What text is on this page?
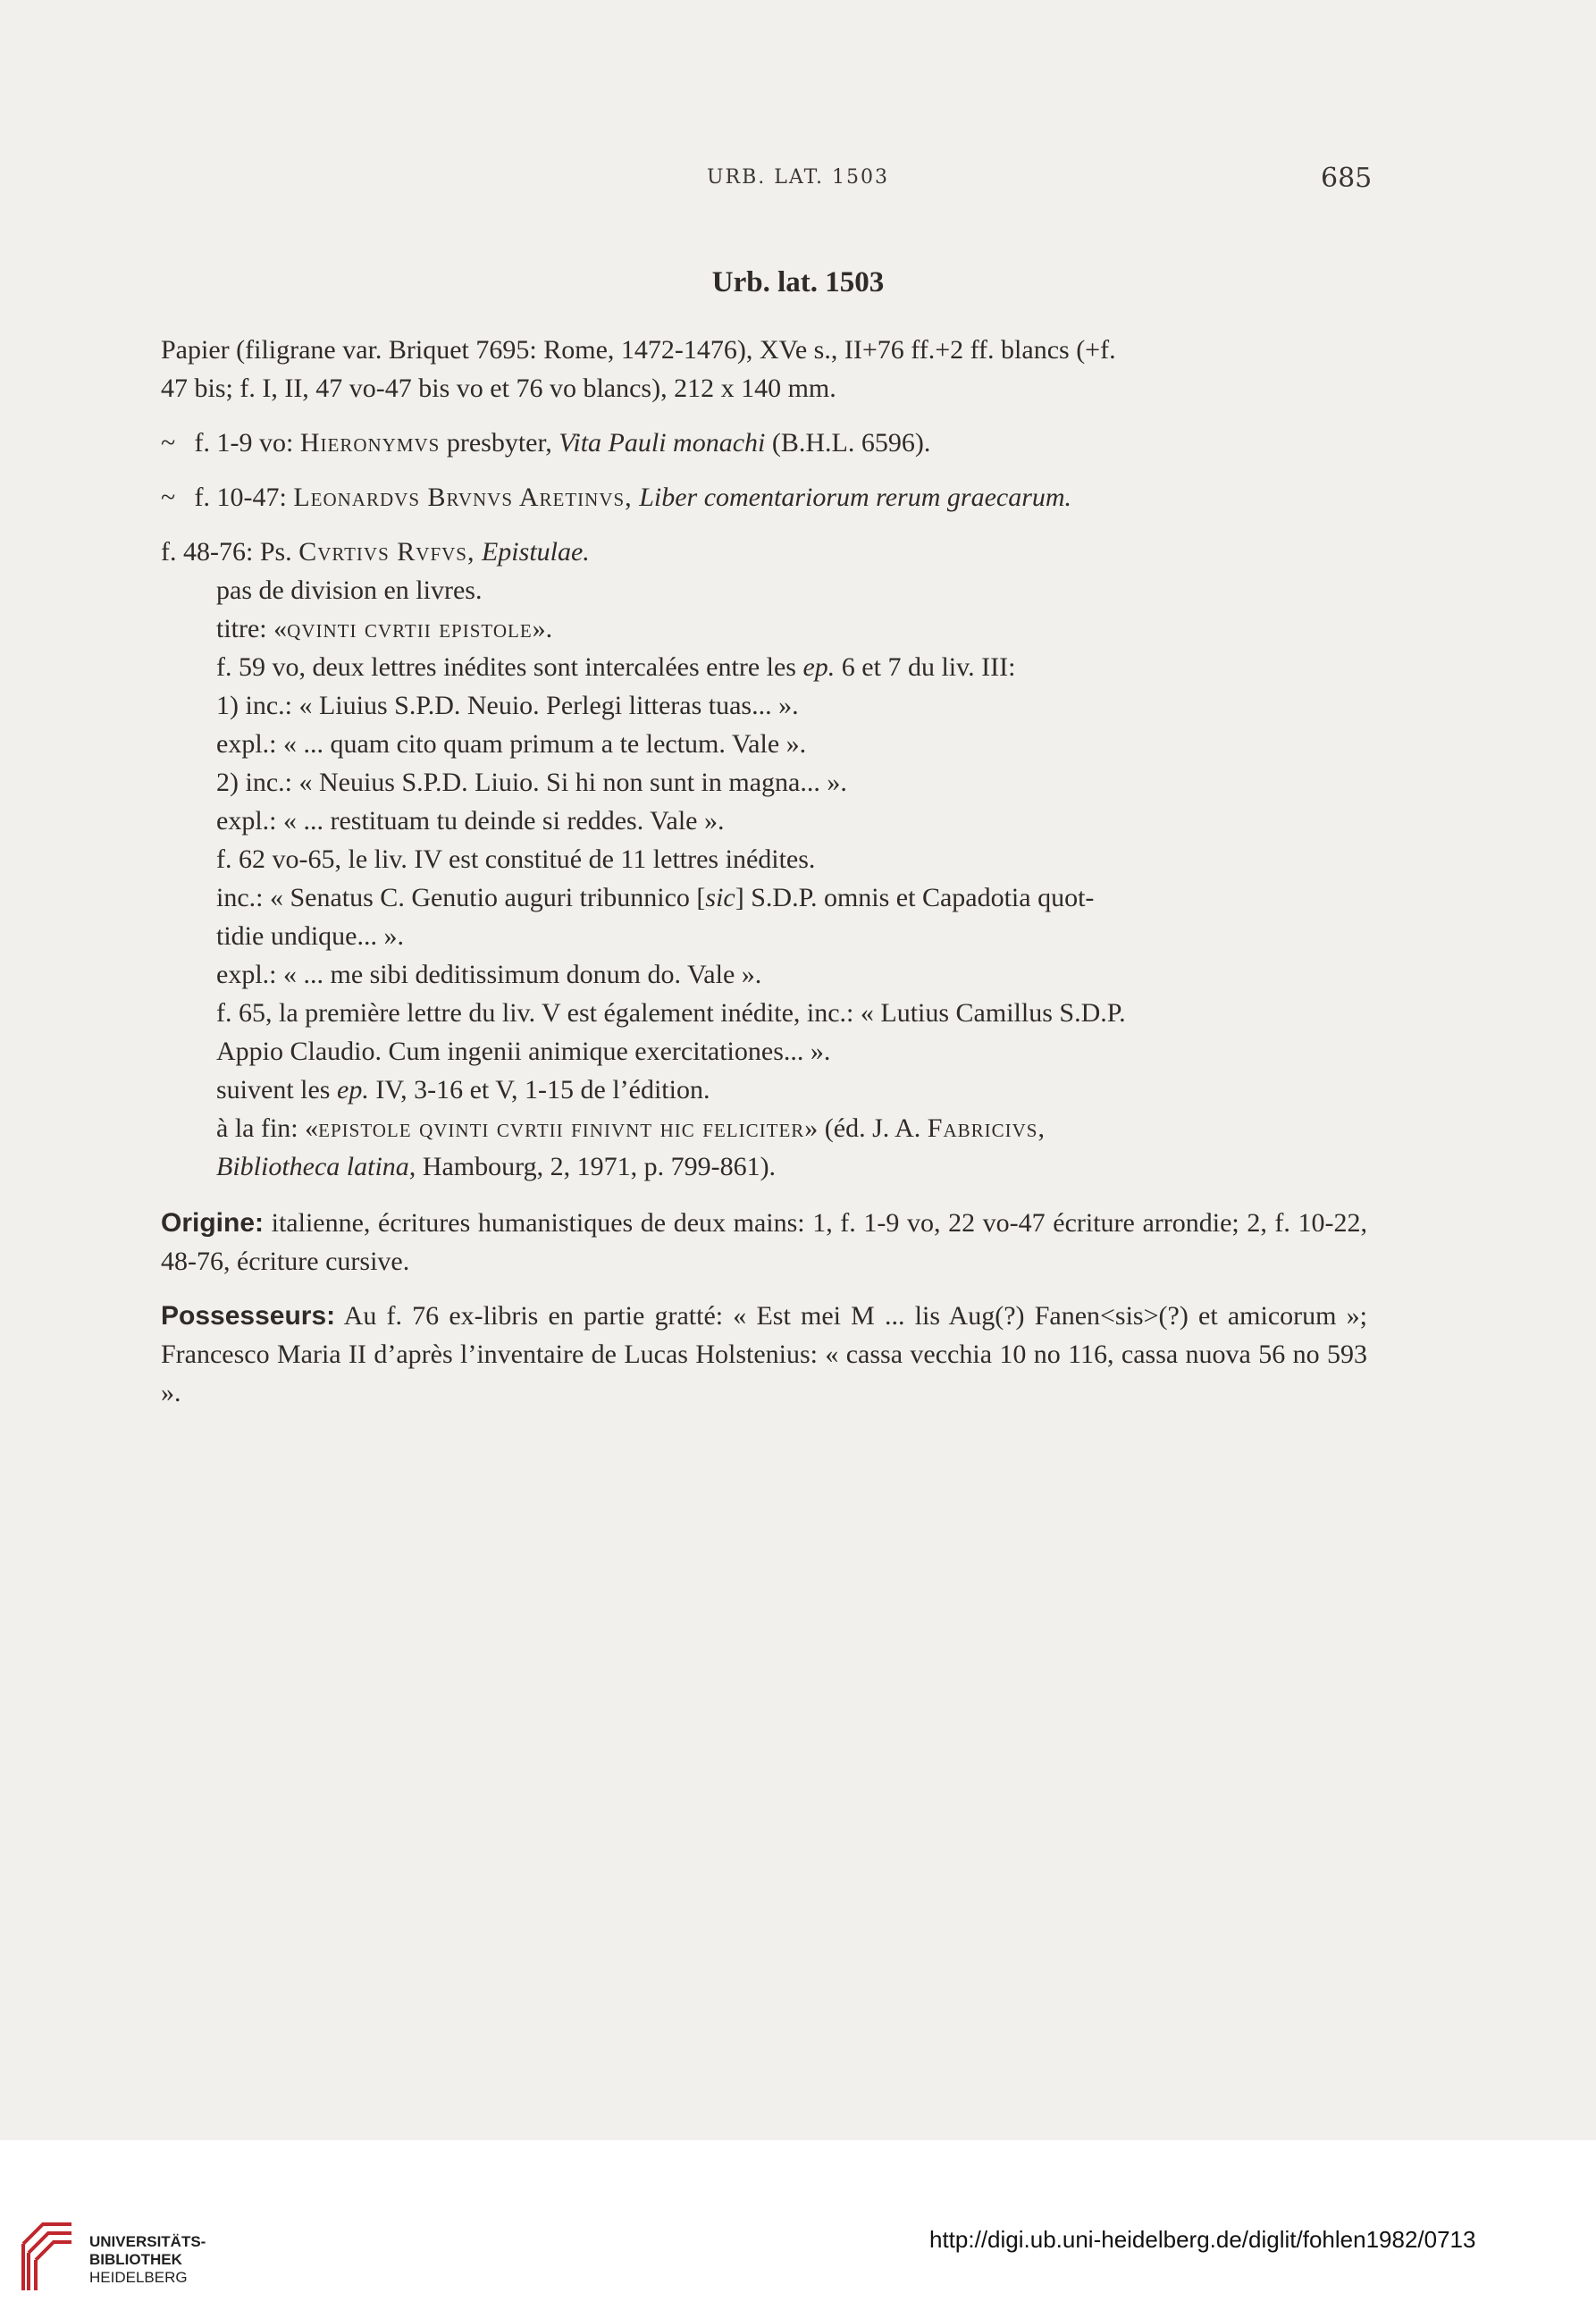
URB. LAT. 1503	685
Urb. lat. 1503

Papier (filigrane var. Briquet 7695: Rome, 1472-1476), XVe s., II+76 ff.+2 ff. blancs (+f.
47 bis; f. I, II, 47 vo-47 bis vo et 76 vo blancs), 212 x 140 mm.

~ f. 1-9 vo: Hieronymvs presbyter, Vita Pauli monachi (B.H.L. 6596).

~ f. 10-47: Leonardvs Brvnvs Aretinvs, Liber comentariorum rerum graecarum.

f. 48-76: Ps. Cvrtivs Rvfvs, Epistulae.

pas de division en livres.
titre: «qvinti cvrtii epistole».
f. 59 vo, deux lettres inédites sont intercalées entre les ep. 6 et 7 du liv. III:
1) inc.: « Liuius S.P.D. Neuio. Perlegi litteras tuas... ».
expl.: « ... quam cito quam primum a te lectum. Vale ».
2) inc.: « Neuius S.P.D. Liuio. Si hi non sunt in magna... ».
expl.: « ... restituam tu deinde si reddes. Vale ».
f. 62 vo-65, le liv. IV est constitué de 11 lettres inédites.
inc.: « Senatus C. Genutio auguri tribunnico [sic] S.D.P. omnis et Capadotia quot-
tidie undique... ».
expl.: « ... me sibi deditissimum donum do. Vale ».
f. 65, la première lettre du liv. V est également inédite, inc.: « Lutius Camillus S.D.P.
Appio Claudio. Cum ingenii animique exercitationes... ».
suivent les ep. IV, 3-16 et V, 1-15 de l’édition.
à la fin: «epistole qvinti cvrtii finivnt hic feliciter» (éd. J. A. Fabricivs,
Bibliotheca latina, Hambourg, 2, 1971, p. 799-861).

Origine: italienne, écritures humanistiques de deux mains: 1, f. 1-9 vo, 22 vo-47 écriture arrondie; 2, f. 10-22, 48-76, écriture cursive.

Possesseurs: Au f. 76 ex-libris en partie gratté: « Est mei M ... lis Aug(?) Fanen<sis>(?) et amicorum »; Francesco Maria II d’après l’inventaire de Lucas Holstenius: « cassa vecchia 10 no 116, cassa nuova 56 no 593 ».

UNIVERSITÄTS-
BIBLIOTHEK
HEIDELBERG
http://digi.ub.uni-heidelberg.de/diglit/fohlen1982/0713
